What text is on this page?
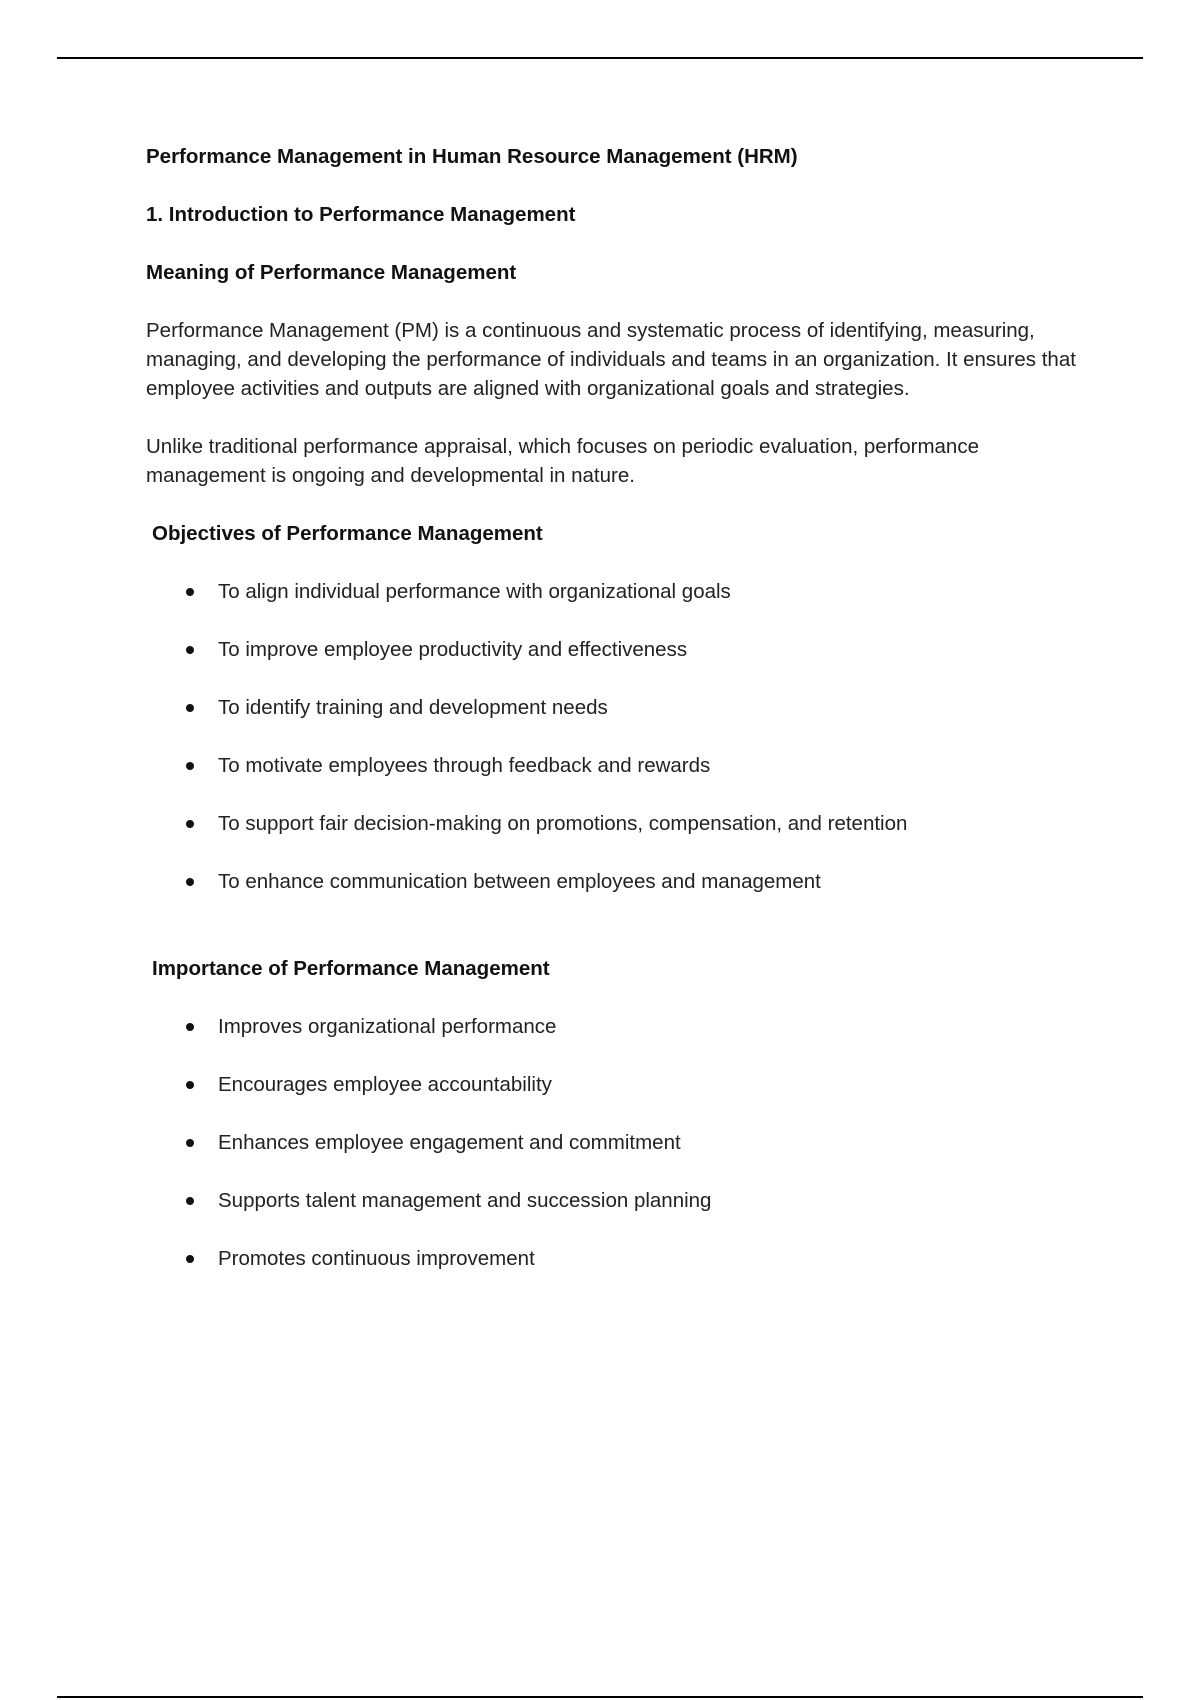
Performance Management in Human Resource Management (HRM)
1. Introduction to Performance Management
Meaning of Performance Management

Performance Management (PM) is a continuous and systematic process of identifying, measuring, managing, and developing the performance of individuals and teams in an organization. It ensures that employee activities and outputs are aligned with organizational goals and strategies.

Unlike traditional performance appraisal, which focuses on periodic evaluation, performance management is ongoing and developmental in nature.

Objectives of Performance Management
To align individual performance with organizational goals
To improve employee productivity and effectiveness
To identify training and development needs
To motivate employees through feedback and rewards
To support fair decision-making on promotions, compensation, and retention
To enhance communication between employees and management
Importance of Performance Management
Improves organizational performance
Encourages employee accountability
Enhances employee engagement and commitment
Supports talent management and succession planning
Promotes continuous improvement
